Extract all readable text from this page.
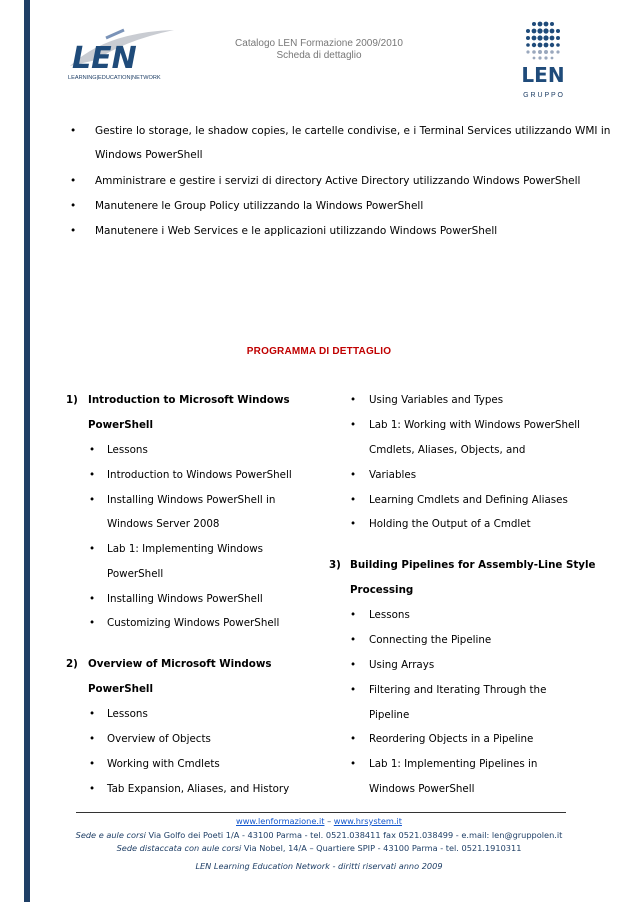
LEN
LEARNING|EDUCATION|NETWORK
Catalogo LEN Formazione 2009/2010
Scheda di dettaglio
LEN
G R U P P O
• Gestire lo storage, le shadow copies, le cartelle condivise, e i Terminal Services utilizzando WMI in
Windows PowerShell
• Amministrare e gestire i servizi di directory Active Directory utilizzando Windows PowerShell
• Manutenere le Group Policy utilizzando la Windows PowerShell
• Manutenere i Web Services e le applicazioni utilizzando Windows PowerShell
PROGRAMMA DI DETTAGLIO
1) Introduction to Microsoft Windows
PowerShell
• Lessons
• Introduction to Windows PowerShell
• Installing Windows PowerShell in
Windows Server 2008
• Lab 1: Implementing Windows
PowerShell
• Installing Windows PowerShell
• Customizing Windows PowerShell
2) Overview of Microsoft Windows
PowerShell
• Lessons
• Overview of Objects
• Working with Cmdlets
• Tab Expansion, Aliases, and History
• Using Variables and Types
• Lab 1: Working with Windows PowerShell
Cmdlets, Aliases, Objects, and
• Variables
• Learning Cmdlets and Defining Aliases
• Holding the Output of a Cmdlet
3) Building Pipelines for Assembly-Line Style
Processing
• Lessons
• Connecting the Pipeline
• Using Arrays
• Filtering and Iterating Through the
Pipeline
• Reordering Objects in a Pipeline
• Lab 1: Implementing Pipelines in
Windows PowerShell
www.lenformazione.it – www.hrsystem.it
Sede e aule corsi Via Golfo dei Poeti 1/A - 43100 Parma - tel. 0521.038411 fax 0521.038499 - e.mail: len@gruppolen.it
Sede distaccata con aule corsi Via Nobel, 14/A – Quartiere SPIP - 43100 Parma - tel. 0521.1910311
LEN Learning Education Network - diritti riservati anno 2009
